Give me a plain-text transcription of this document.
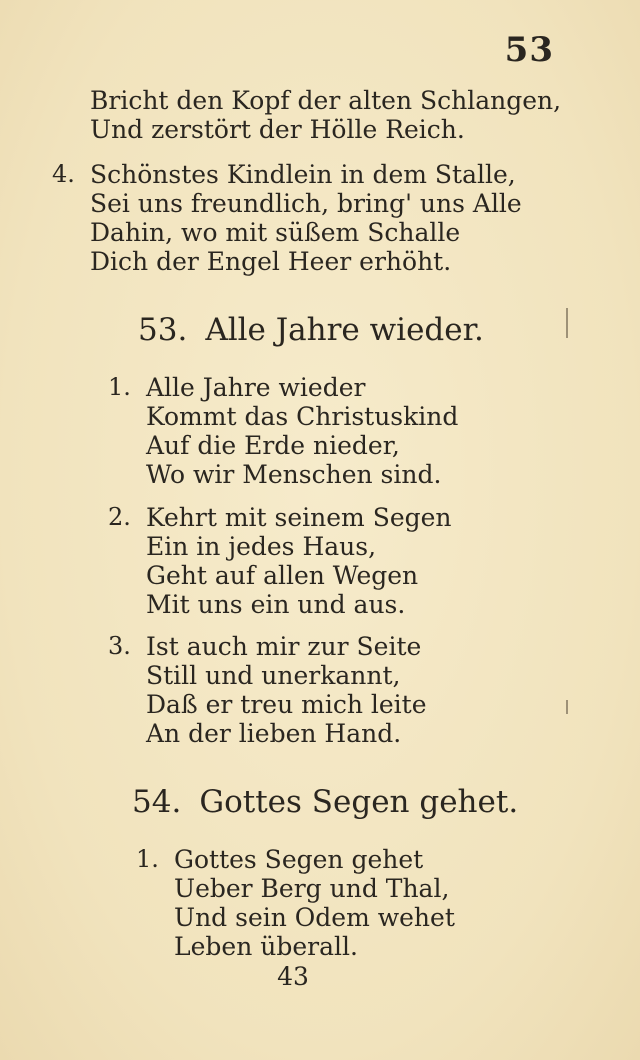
53
Bricht den Kopf der alten Schlangen,
Und zerstört der Hölle Reich.
4. Schönstes Kindlein in dem Stalle,
Sei uns freundlich, bring' uns Alle
Dahin, wo mit süßem Schalle
Dich der Engel Heer erhöht.
53. Alle Jahre wieder.
1. Alle Jahre wieder
Kommt das Christuskind
Auf die Erde nieder,
Wo wir Menschen sind.
2. Kehrt mit seinem Segen
Ein in jedes Haus,
Geht auf allen Wegen
Mit uns ein und aus.
3. Ist auch mir zur Seite
Still und unerkannt,
Daß er treu mich leite
An der lieben Hand.
54. Gottes Segen gehet.
1. Gottes Segen gehet
Ueber Berg und Thal,
Und sein Odem wehet
Leben überall.
43
